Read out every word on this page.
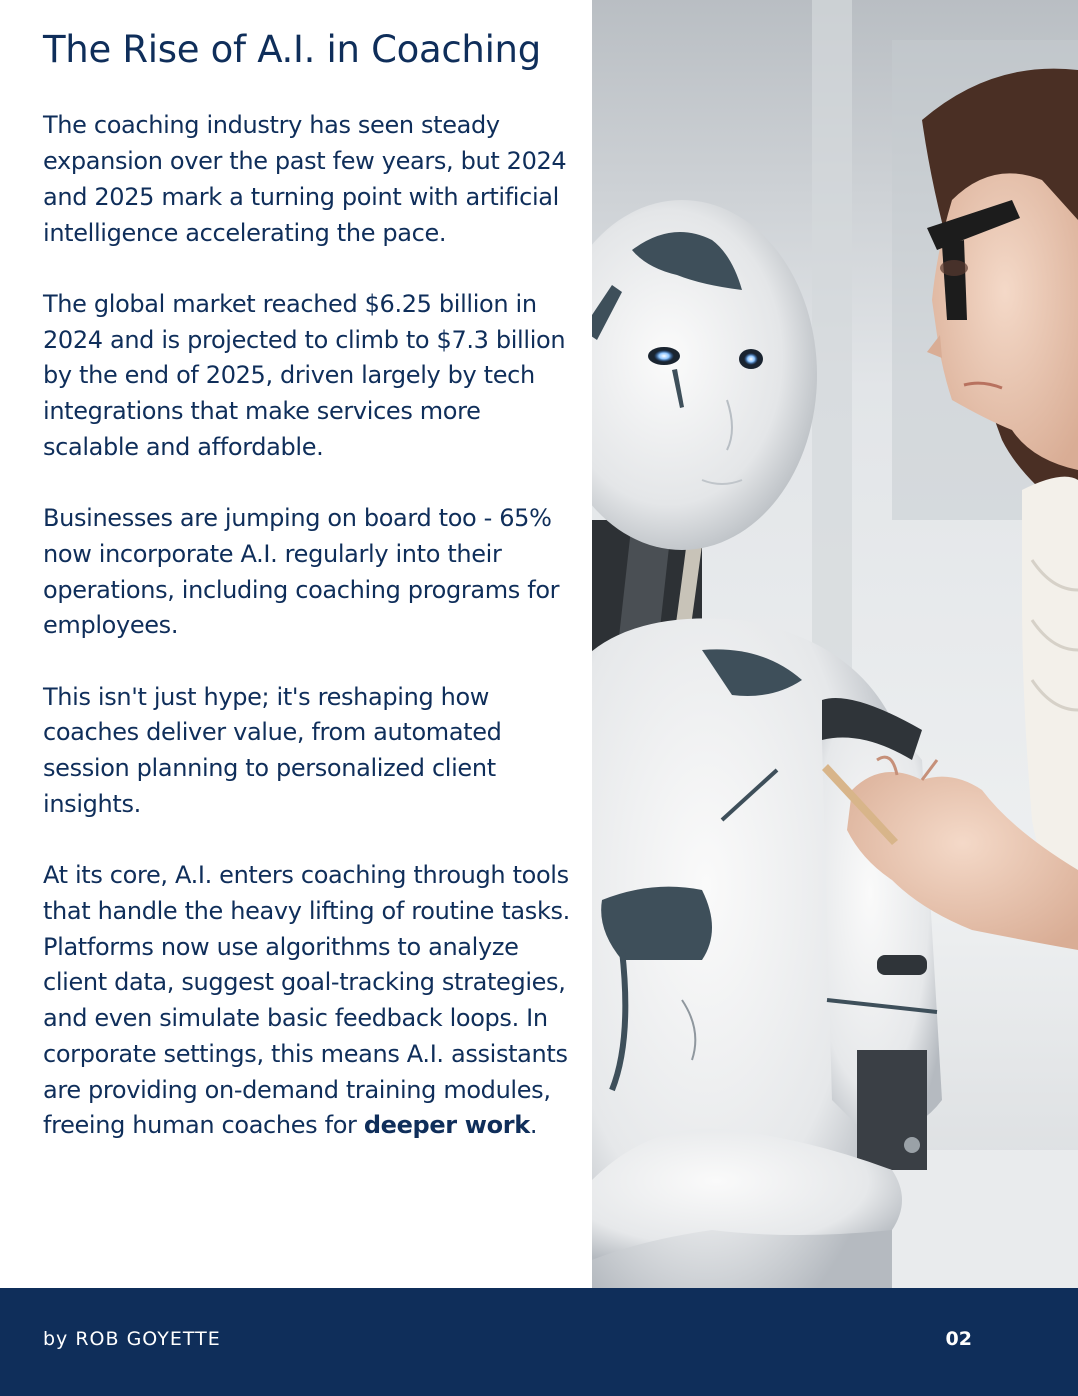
The Rise of A.I. in Coaching

The coaching industry has seen steady expansion over the past few years, but 2024 and 2025 mark a turning point with artificial intelligence accelerating the pace.

The global market reached $6.25 billion in 2024 and is projected to climb to $7.3 billion by the end of 2025, driven largely by tech integrations that make services more scalable and affordable.

Businesses are jumping on board too - 65% now incorporate A.I. regularly into their operations, including coaching programs for employees.

This isn't just hype; it's reshaping how coaches deliver value, from automated session planning to personalized client insights.

At its core, A.I. enters coaching through tools that handle the heavy lifting of routine tasks. Platforms now use algorithms to analyze client data, suggest goal-tracking strategies, and even simulate basic feedback loops. In corporate settings, this means A.I. assistants are providing on-demand training modules, freeing human coaches for deeper work.

by ROB GOYETTE	02
